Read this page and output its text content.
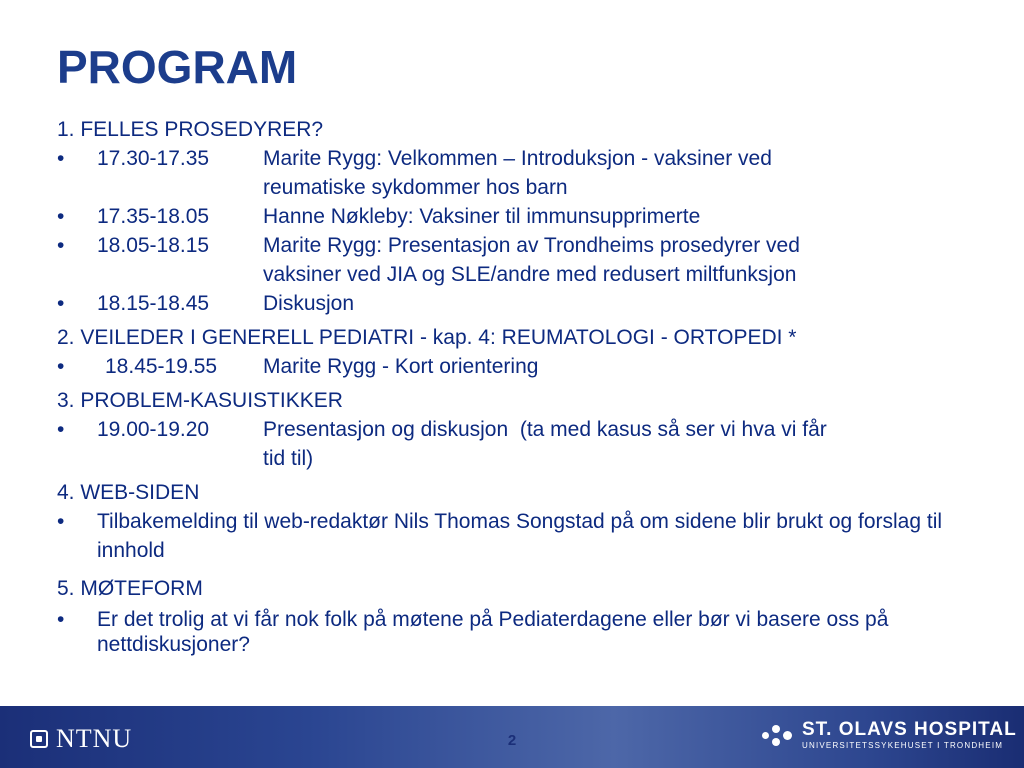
PROGRAM

1. FELLES PROSEDYRER?

•	17.30-17.35	Marite Rygg: Velkommen – Introduksjon - vaksiner ved
reumatiske sykdommer hos barn
•	17.35-18.05	Hanne Nøkleby: Vaksiner til immunsupprimerte
•	18.05-18.15	Marite Rygg: Presentasjon av Trondheims prosedyrer ved
vaksiner ved JIA og SLE/andre med redusert miltfunksjon
•	18.15-18.45	Diskusjon

2. VEILEDER I GENERELL PEDIATRI - kap. 4: REUMATOLOGI - ORTOPEDI *

•	18.45-19.55 Marite Rygg - Kort orientering

3. PROBLEM-KASUISTIKKER

•	19.00-19.20	Presentasjon og diskusjon  (ta med kasus så ser vi hva vi får
tid til)

4. WEB-SIDEN

•	Tilbakemelding til web-redaktør Nils Thomas Songstad på om sidene blir brukt og forslag til innhold

5. MØTEFORM

•	Er det trolig at vi får nok folk på møtene på Pediaterdagene eller bør vi basere oss på nettdiskusjoner?
NTNU	2
ST. OLAVS HOSPITAL
UNIVERSITETSSYKEHUSET I TRONDHEIM
